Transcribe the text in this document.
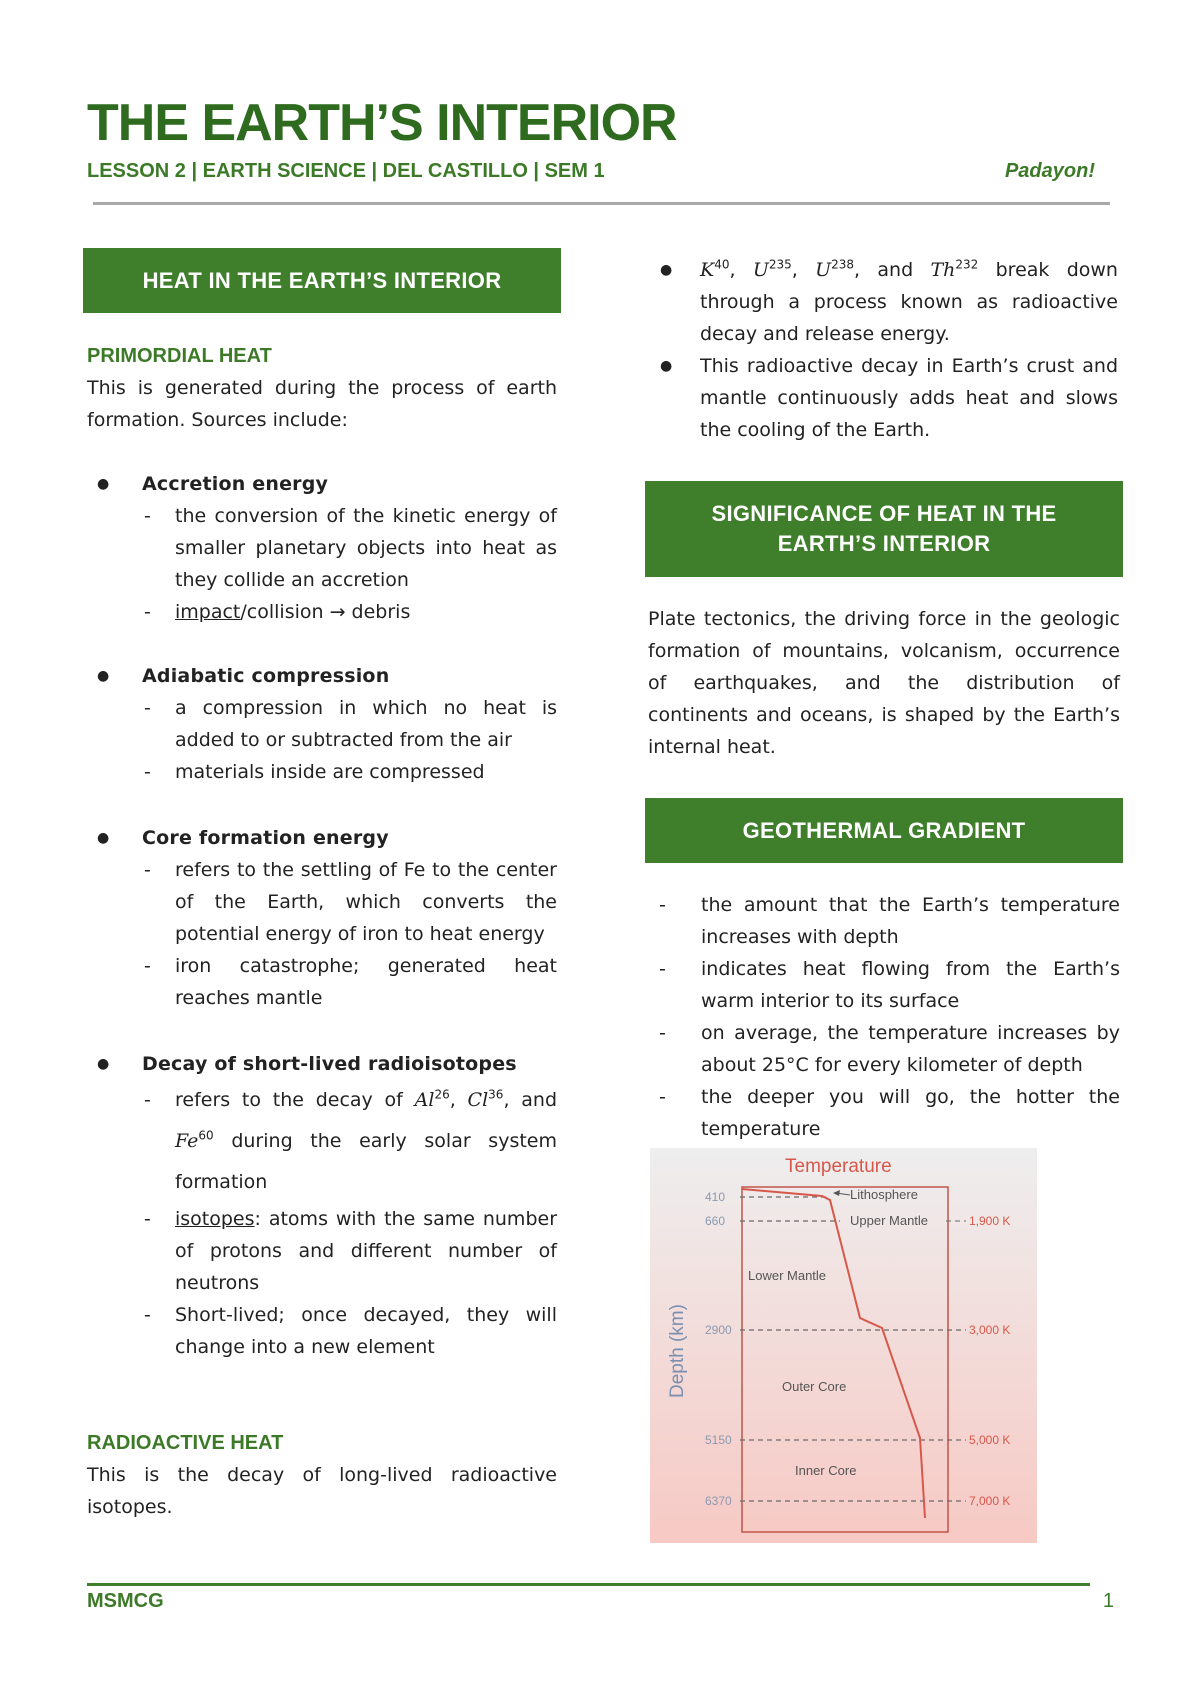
THE EARTH’S INTERIOR
LESSON 2 | EARTH SCIENCE | DEL CASTILLO | SEM 1	Padayon!
HEAT IN THE EARTH’S INTERIOR

PRIMORDIAL HEAT

This is generated during the process of earth formation. Sources include:

● Accretion energy
- the conversion of the kinetic energy of smaller planetary objects into heat as they collide an accretion
- impact/collision → debris
● Adiabatic compression
- a compression in which no heat is added to or subtracted from the air
- materials inside are compressed
● Core formation energy
- refers to the settling of Fe to the center of the Earth, which converts the potential energy of iron to heat energy
- iron catastrophe; generated heat reaches mantle
● Decay of short-lived radioisotopes
- refers to the decay of Al$^{26}$, Cl$^{36}$, and Fe$^{60}$ during the early solar system formation
- isotopes: atoms with the same number of protons and different number of neutrons
- Short-lived; once decayed, they will change into a new element

RADIOACTIVE HEAT

This is the decay of long-lived radioactive isotopes.

● $K^{40}$, $U^{235}$, $U^{238}$, and Th$^{232}$ break down through a process known as radioactive decay and release energy.
● This radioactive decay in Earth’s crust and mantle continuously adds heat and slows the cooling of the Earth.
SIGNIFICANCE OF HEAT IN THE
EARTH’S INTERIOR

Plate tectonics, the driving force in the geologic formation of mountains, volcanism, occurrence of earthquakes, and the distribution of continents and oceans, is shaped by the Earth’s internal heat.

GEOTHERMAL GRADIENT
- the amount that the Earth’s temperature increases with depth
- indicates heat flowing from the Earth’s warm interior to its surface
- on average, the temperature increases by about 25°C for every kilometer of depth
- the deeper you will go, the hotter the temperature
Temperature
Depth (km)
410
660
2900
5150
6370
Lithosphere
Upper Mantle
Lower Mantle
Outer Core
Inner Core
1,900 K
3,000 K
5,000 K
7,000 K
MSMCG	1
